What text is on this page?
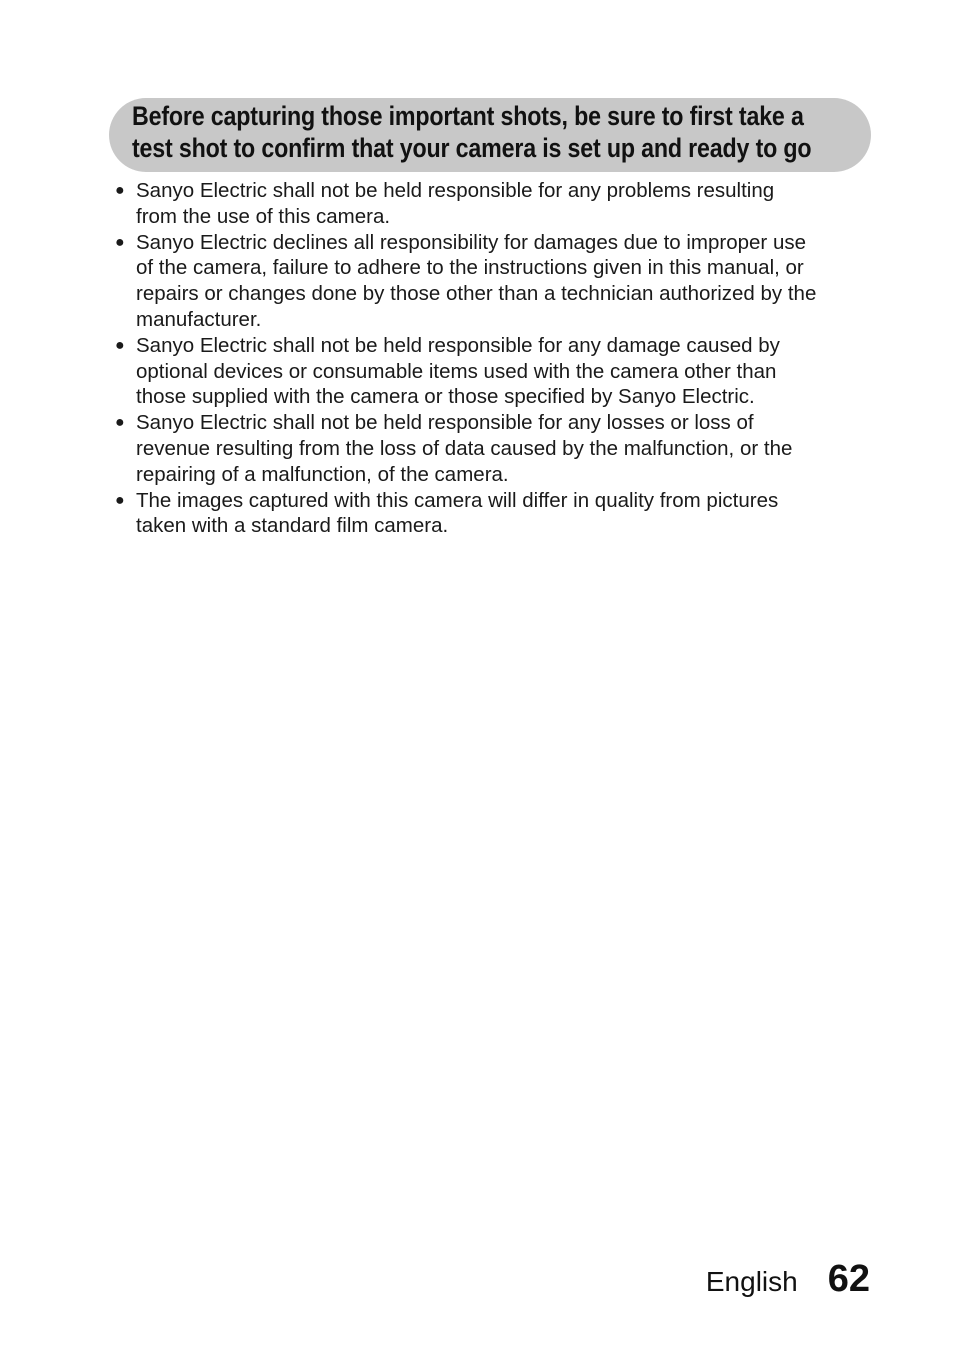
Before capturing those important shots, be sure to first take a
test shot to confirm that your camera is set up and ready to go
● Sanyo Electric shall not be held responsible for any problems resulting
from the use of this camera.
● Sanyo Electric declines all responsibility for damages due to improper use
of the camera, failure to adhere to the instructions given in this manual, or
repairs or changes done by those other than a technician authorized by the
manufacturer.
● Sanyo Electric shall not be held responsible for any damage caused by
optional devices or consumable items used with the camera other than
those supplied with the camera or those specified by Sanyo Electric.
● Sanyo Electric shall not be held responsible for any losses or loss of
revenue resulting from the loss of data caused by the malfunction, or the
repairing of a malfunction, of the camera.
● The images captured with this camera will differ in quality from pictures
taken with a standard film camera.
English 62
